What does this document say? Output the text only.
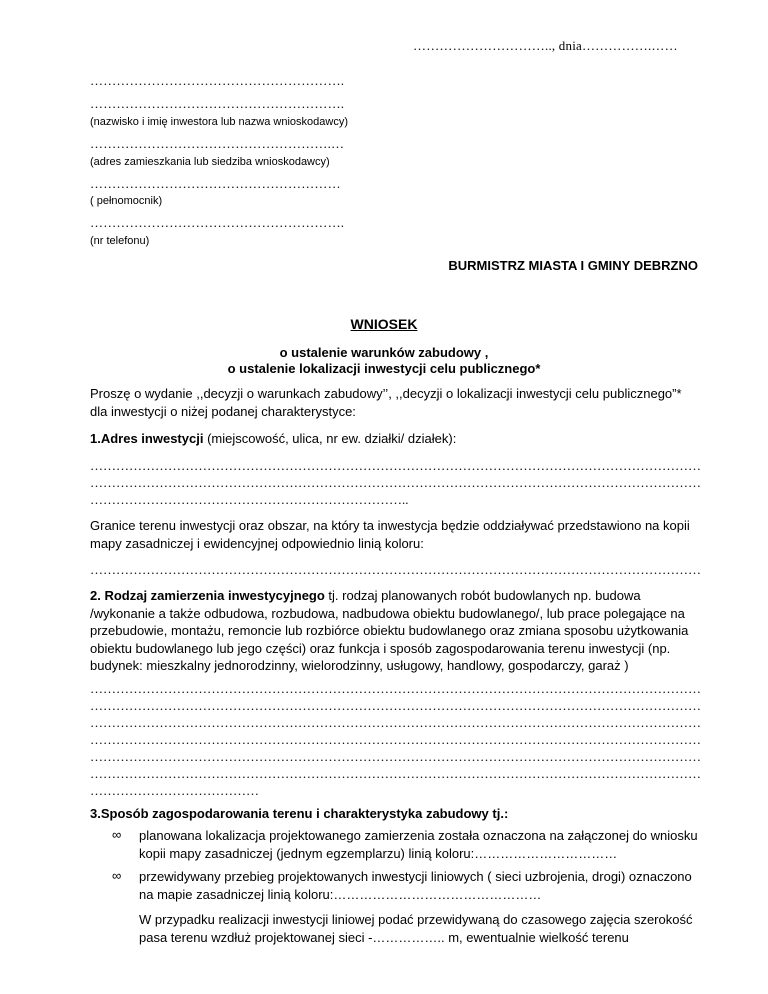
………………………….., dnia…………….……
………………………………………………….
………………………………………………….
(nazwisko i imię inwestora lub nazwa wnioskodawcy)
……………………………………………….…
(adres zamieszkania lub siedziba wnioskodawcy)
…………………………………………………
( pełnomocnik)
………………………………………………….
(nr telefonu)
BURMISTRZ MIASTA I GMINY DEBRZNO
WNIOSEK
o ustalenie warunków zabudowy ,
o ustalenie lokalizacji inwestycji celu publicznego*
Proszę o wydanie ,,decyzji o warunkach zabudowy’’, ,,decyzji o lokalizacji inwestycji celu publicznego”* dla inwestycji o niżej podanej charakterystyce:
1.Adres inwestycji (miejscowość, ulica, nr ew. działki/ działek):
……………………………………………………………………………………………………………………………
……………………………………………………………………………………………………………………………
………………………………………………………………..
Granice terenu inwestycji oraz obszar, na który ta inwestycja będzie oddziaływać przedstawiono na kopii mapy zasadniczej i ewidencyjnej odpowiednio linią koloru:
……………………………………………………………………………………………………………………………
2. Rodzaj zamierzenia inwestycyjnego tj. rodzaj planowanych robót budowlanych np. budowa /wykonanie a także odbudowa, rozbudowa, nadbudowa obiektu budowlanego/, lub prace polegające na przebudowie, montażu, remoncie lub rozbiórce obiektu budowlanego oraz zmiana sposobu użytkowania obiektu budowlanego lub jego części) oraz funkcja i sposób zagospodarowania terenu inwestycji (np. budynek: mieszkalny jednorodzinny, wielorodzinny, usługowy, handlowy, gospodarczy, garaż )
……………………………………………………………………………………………………………………………
……………………………………………………………………………………………………………………………
……………………………………………………………………………………………………………………………
……………………………………………………………………………………………………………………………
……………………………………………………………………………………………………………………………
……………………………………………………………………………………………………………………………
…………………………………
3.Sposób zagospodarowania terenu i charakterystyka zabudowy tj.:
∞ planowana lokalizacja projektowanego zamierzenia została oznaczona na załączonej do wniosku kopii mapy zasadniczej (jednym egzemplarzu) linią koloru:……………………………
∞ przewidywany przebieg projektowanych inwestycji liniowych ( sieci uzbrojenia, drogi) oznaczono na mapie zasadniczej linią koloru:…………………………………………
W przypadku realizacji inwestycji liniowej podać przewidywaną do czasowego zajęcia szerokość pasa terenu wzdłuż projektowanej sieci -…………….. m, ewentualnie wielkość terenu
